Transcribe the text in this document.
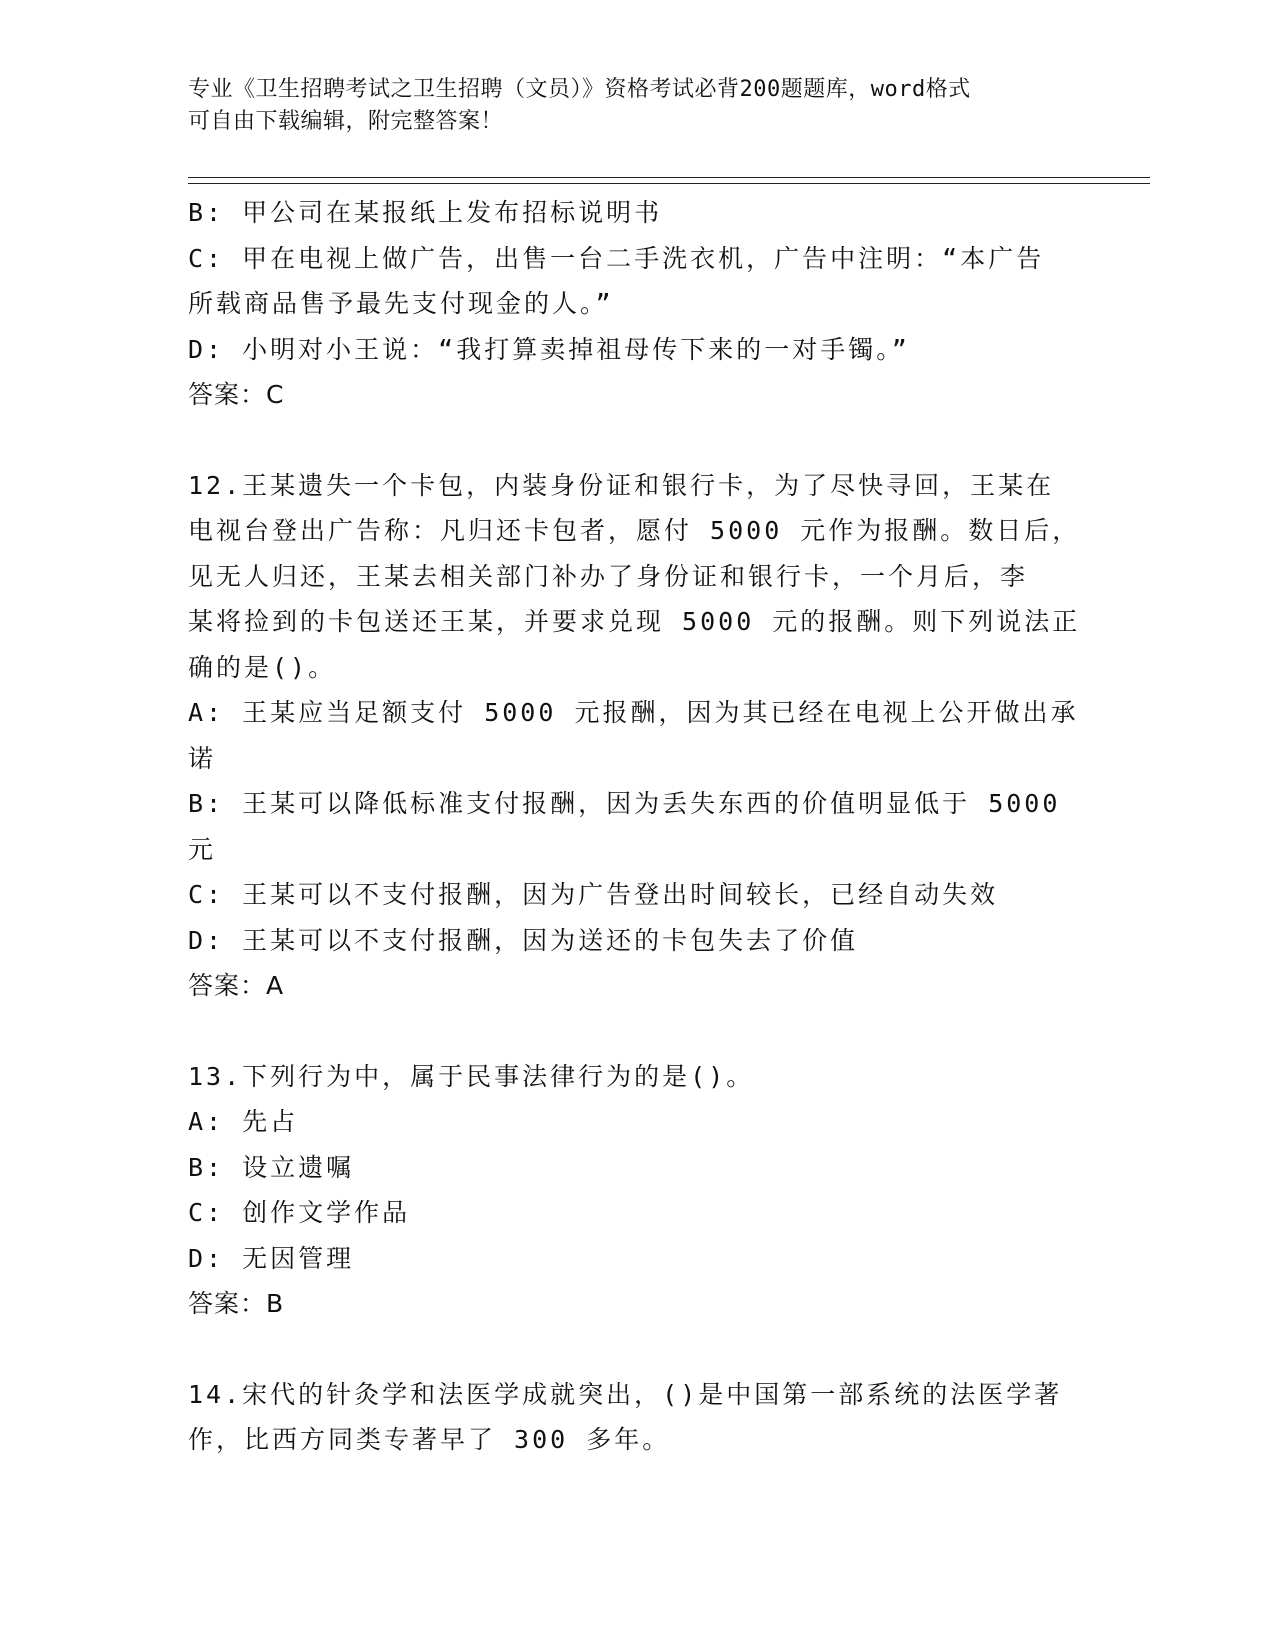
专业《卫生招聘考试之卫生招聘（文员）》资格考试必背200题题库，word格式
可自由下载编辑，附完整答案！
B: 甲公司在某报纸上发布招标说明书
C: 甲在电视上做广告，出售一台二手洗衣机，广告中注明：“本广告
所载商品售予最先支付现金的人。”
D: 小明对小王说：“我打算卖掉祖母传下来的一对手镯。”
答案：C
12.王某遗失一个卡包，内装身份证和银行卡，为了尽快寻回，王某在
电视台登出广告称：凡归还卡包者，愿付 5000 元作为报酬。数日后，
见无人归还，王某去相关部门补办了身份证和银行卡，一个月后，李
某将捡到的卡包送还王某，并要求兑现 5000 元的报酬。则下列说法正
确的是()。
A: 王某应当足额支付 5000 元报酬，因为其已经在电视上公开做出承
诺
B: 王某可以降低标准支付报酬，因为丢失东西的价值明显低于 5000
元
C: 王某可以不支付报酬，因为广告登出时间较长，已经自动失效
D: 王某可以不支付报酬，因为送还的卡包失去了价值
答案：A
13.下列行为中，属于民事法律行为的是()。
A: 先占
B: 设立遗嘱
C: 创作文学作品
D: 无因管理
答案：B
14.宋代的针灸学和法医学成就突出，()是中国第一部系统的法医学著
作，比西方同类专著早了 300 多年。
